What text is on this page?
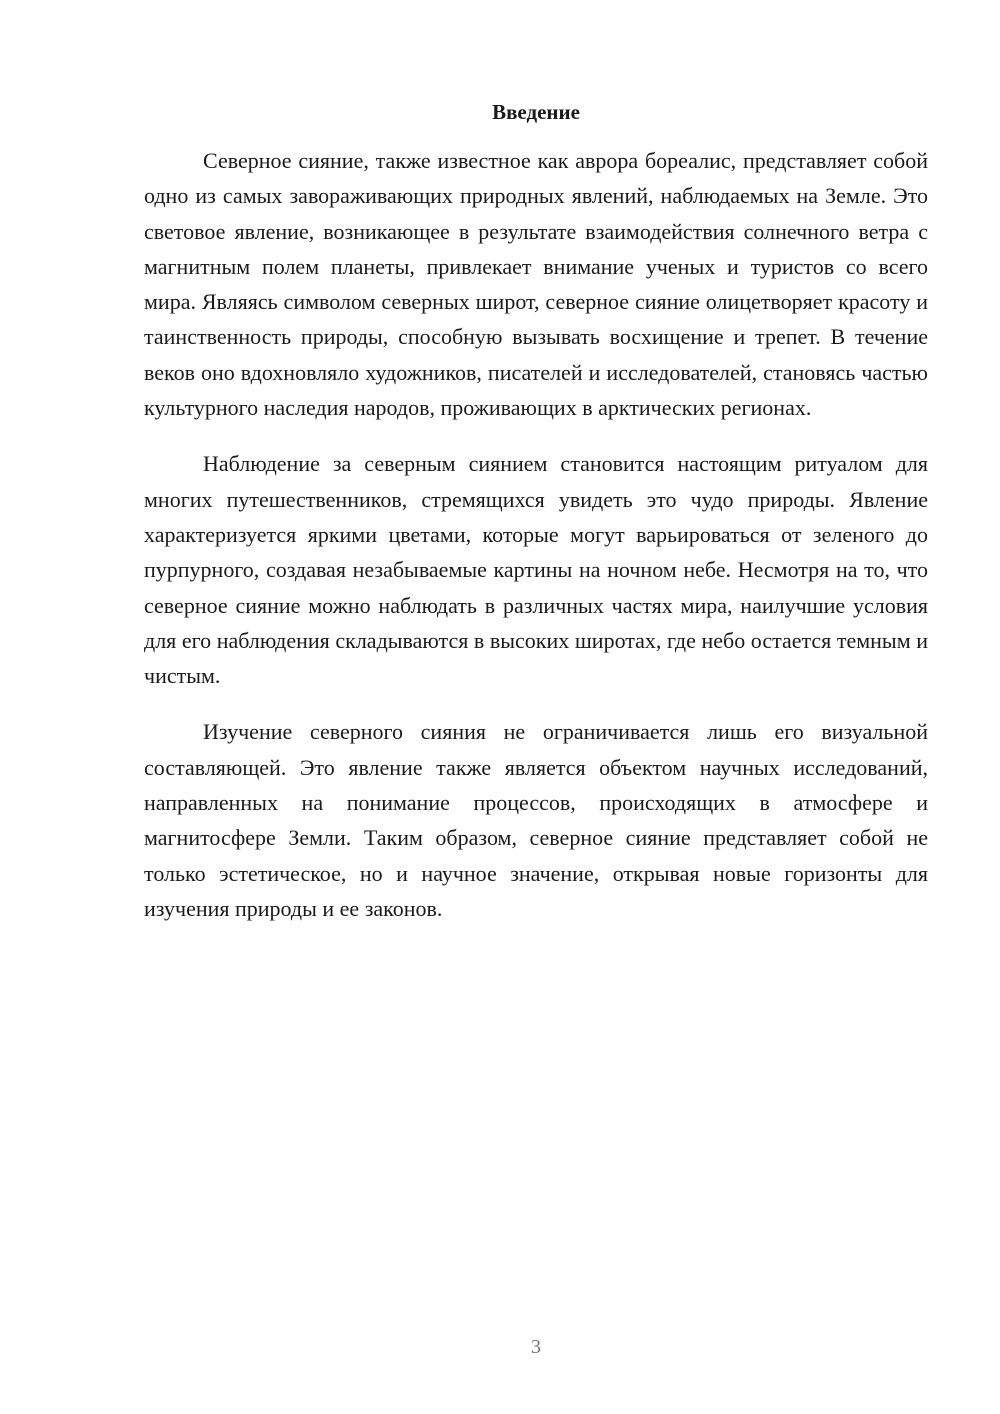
Введение

Северное сияние, также известное как аврора бореалис, представляет собой одно из самых завораживающих природных явлений, наблюдаемых на Земле. Это световое явление, возникающее в результате взаимодействия солнечного ветра с магнитным полем планеты, привлекает внимание ученых и туристов со всего мира. Являясь символом северных широт, северное сияние олицетворяет красоту и таинственность природы, способную вызывать восхищение и трепет. В течение веков оно вдохновляло художников, писателей и исследователей, становясь частью культурного наследия народов, проживающих в арктических регионах.

Наблюдение за северным сиянием становится настоящим ритуалом для многих путешественников, стремящихся увидеть это чудо природы. Явление характеризуется яркими цветами, которые могут варьироваться от зеленого до пурпурного, создавая незабываемые картины на ночном небе. Несмотря на то, что северное сияние можно наблюдать в различных частях мира, наилучшие условия для его наблюдения складываются в высоких широтах, где небо остается темным и чистым.

Изучение северного сияния не ограничивается лишь его визуальной составляющей. Это явление также является объектом научных исследований, направленных на понимание процессов, происходящих в атмосфере и магнитосфере Земли. Таким образом, северное сияние представляет собой не только эстетическое, но и научное значение, открывая новые горизонты для изучения природы и ее законов.

3
